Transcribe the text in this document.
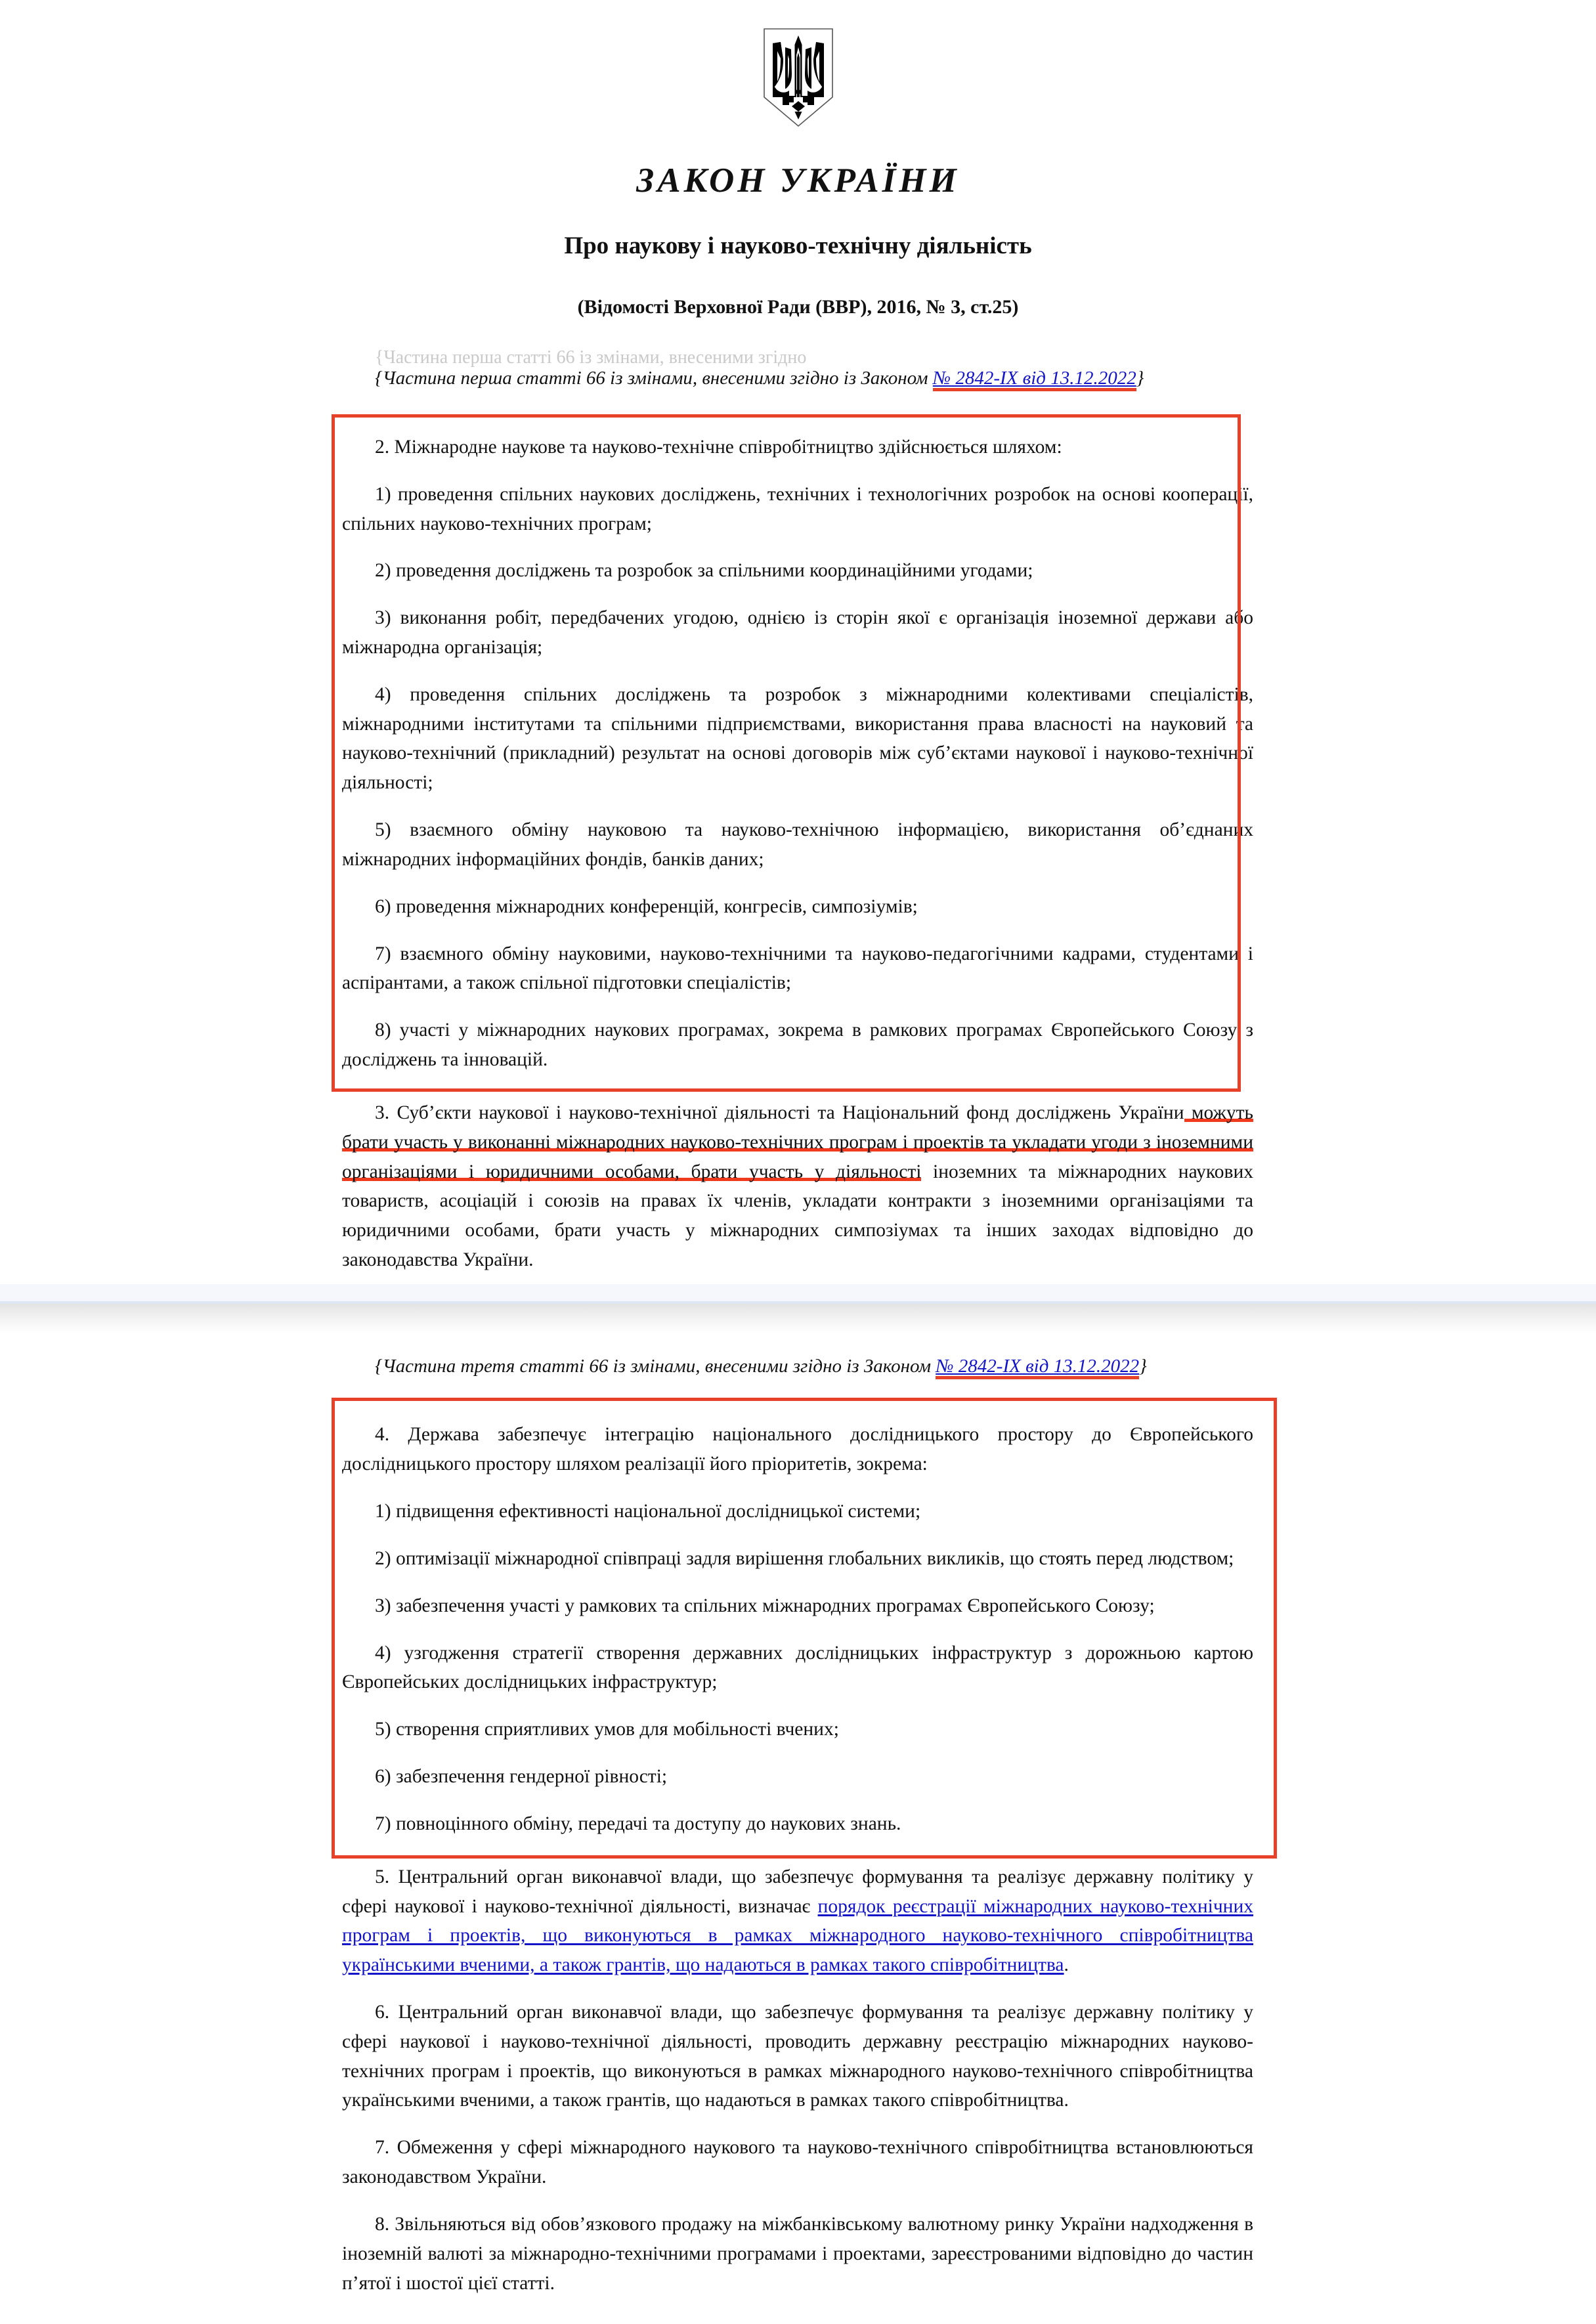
ЗАКОН УКРАЇНИ
Про наукову і науково-технічну діяльність
(Відомості Верховної Ради (ВВР), 2016, № 3, ст.25)
{Частина перша статті 66 із змінами, внесеними згідно

{Частина перша статті 66 із змінами, внесеними згідно із Законом № 2842-IX від 13.12.2022}

2. Міжнародне наукове та науково-технічне співробітництво здійснюється шляхом:

1) проведення спільних наукових досліджень, технічних і технологічних розробок на основі кооперації, спільних науково-технічних програм;

2) проведення досліджень та розробок за спільними координаційними угодами;

3) виконання робіт, передбачених угодою, однією із сторін якої є організація іноземної держави або міжнародна організація;

4) проведення спільних досліджень та розробок з міжнародними колективами спеціалістів, міжнародними інститутами та спільними підприємствами, використання права власності на науковий та науково-технічний (прикладний) результат на основі договорів між суб’єктами наукової і науково-технічної діяльності;

5) взаємного обміну науковою та науково-технічною інформацією, використання об’єднаних міжнародних інформаційних фондів, банків даних;

6) проведення міжнародних конференцій, конгресів, симпозіумів;

7) взаємного обміну науковими, науково-технічними та науково-педагогічними кадрами, студентами і аспірантами, а також спільної підготовки спеціалістів;

8) участі у міжнародних наукових програмах, зокрема в рамкових програмах Європейського Союзу з досліджень та інновацій.

3. Суб’єкти наукової і науково-технічної діяльності та Національний фонд досліджень України можуть брати участь у виконанні міжнародних науково-технічних програм і проектів та укладати угоди з іноземними організаціями і юридичними особами, брати участь у діяльності іноземних та міжнародних наукових товариств, асоціацій і союзів на правах їх членів, укладати контракти з іноземними організаціями та юридичними особами, брати участь у міжнародних симпозіумах та інших заходах відповідно до законодавства України.

{Частина третя статті 66 із змінами, внесеними згідно із Законом № 2842-IX від 13.12.2022}

4. Держава забезпечує інтеграцію національного дослідницького простору до Європейського дослідницького простору шляхом реалізації його пріоритетів, зокрема:

1) підвищення ефективності національної дослідницької системи;

2) оптимізації міжнародної співпраці задля вирішення глобальних викликів, що стоять перед людством;

3) забезпечення участі у рамкових та спільних міжнародних програмах Європейського Союзу;

4) узгодження стратегії створення державних дослідницьких інфраструктур з дорожньою картою Європейських дослідницьких інфраструктур;

5) створення сприятливих умов для мобільності вчених;

6) забезпечення гендерної рівності;

7) повноцінного обміну, передачі та доступу до наукових знань.

5. Центральний орган виконавчої влади, що забезпечує формування та реалізує державну політику у сфері наукової і науково-технічної діяльності, визначає порядок реєстрації міжнародних науково-технічних програм і проектів, що виконуються в рамках міжнародного науково-технічного співробітництва українськими вченими, а також грантів, що надаються в рамках такого співробітництва.

6. Центральний орган виконавчої влади, що забезпечує формування та реалізує державну політику у сфері наукової і науково-технічної діяльності, проводить державну реєстрацію міжнародних науково-технічних програм і проектів, що виконуються в рамках міжнародного науково-технічного співробітництва українськими вченими, а також грантів, що надаються в рамках такого співробітництва.

7. Обмеження у сфері міжнародного наукового та науково-технічного співробітництва встановлюються законодавством України.

8. Звільняються від обов’язкового продажу на міжбанківському валютному ринку України надходження в іноземній валюті за міжнародно-технічними програмами і проектами, зареєстрованими відповідно до частин п’ятої і шостої цієї статті.
